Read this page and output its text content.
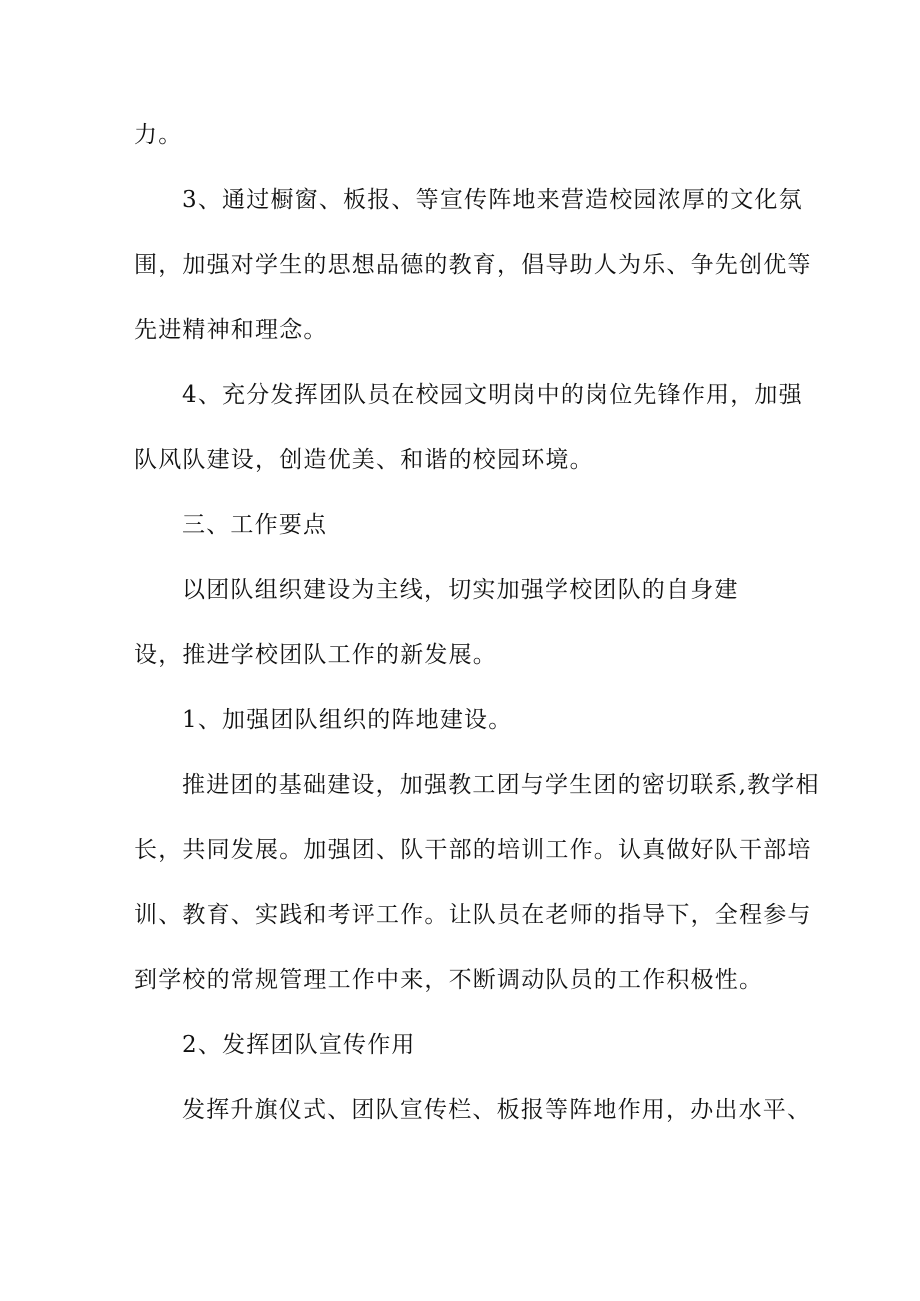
力。
3、通过橱窗、板报、等宣传阵地来营造校园浓厚的文化氛
围，加强对学生的思想品德的教育，倡导助人为乐、争先创优等
先进精神和理念。
4、充分发挥团队员在校园文明岗中的岗位先锋作用，加强
队风队建设，创造优美、和谐的校园环境。
三、工作要点
以团队组织建设为主线，切实加强学校团队的自身建
设，推进学校团队工作的新发展。
1、加强团队组织的阵地建设。
推进团的基础建设，加强教工团与学生团的密切联系,教学相
长，共同发展。加强团、队干部的培训工作。认真做好队干部培
训、教育、实践和考评工作。让队员在老师的指导下，全程参与
到学校的常规管理工作中来，不断调动队员的工作积极性。
2、发挥团队宣传作用
发挥升旗仪式、团队宣传栏、板报等阵地作用，办出水平、
